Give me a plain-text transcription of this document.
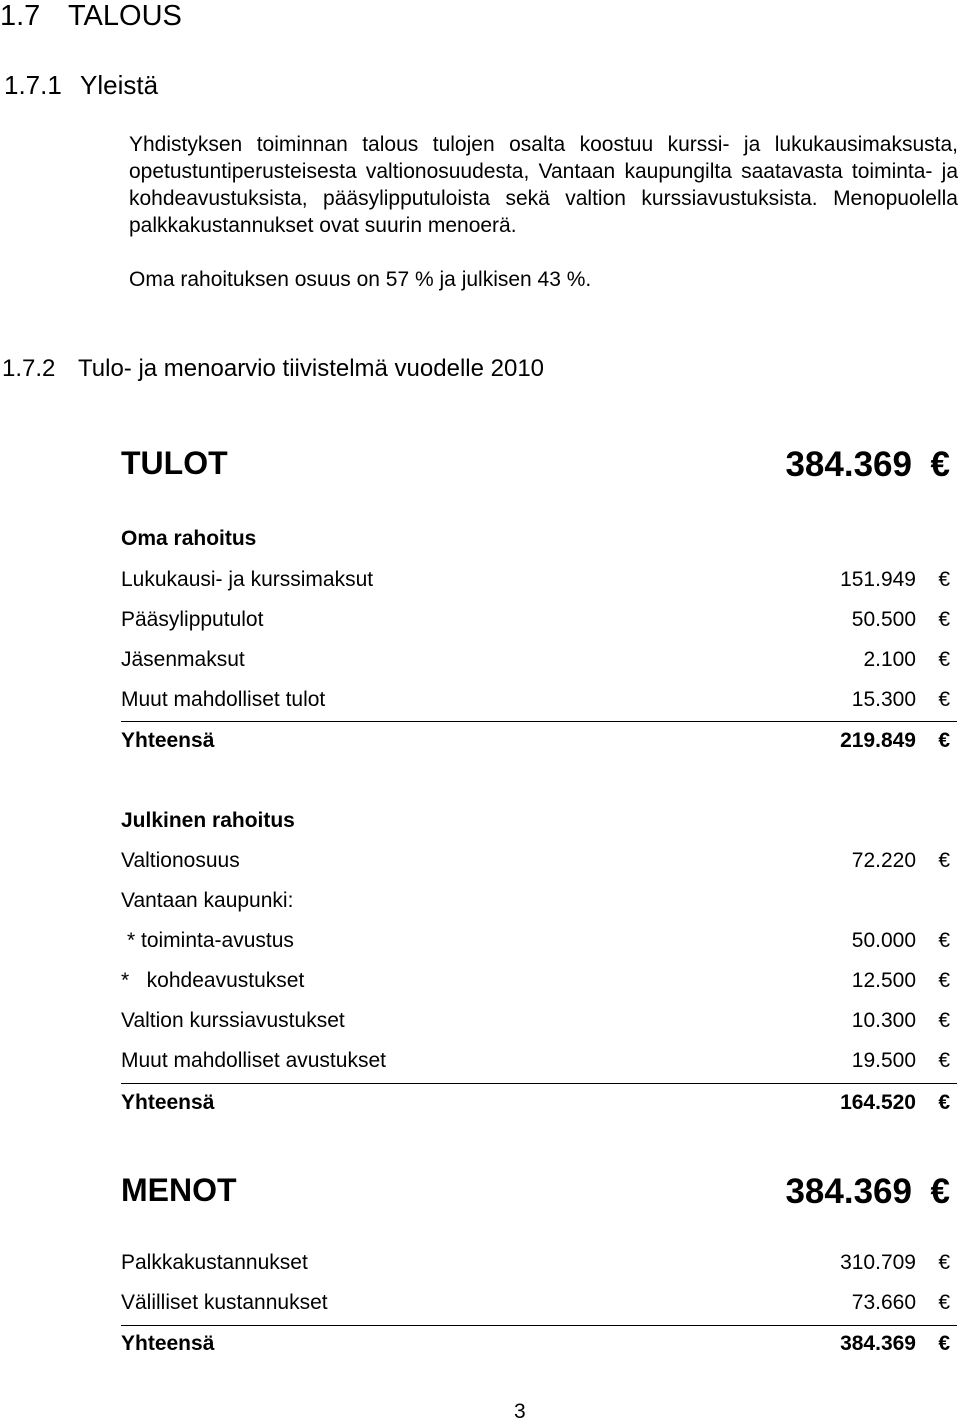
1.7 TALOUS
1.7.1 Yleistä

Yhdistyksen toiminnan talous tulojen osalta koostuu kurssi- ja lukukausimaksusta, opetustuntiperusteisesta valtionosuudesta, Vantaan kaupungilta saatavasta toiminta- ja kohdeavustuksista, pääsylipputuloista sekä valtion kurssiavustuksista. Menopuolella palkkakustannukset ovat suurin menoerä.

Oma rahoituksen osuus on 57 % ja julkisen 43 %.

1.7.2 Tulo- ja menoarvio tiivistelmä vuodelle 2010
TULOT	384.369 €
Oma rahoitus
Lukukausi- ja kurssimaksut	151.949 €
Pääsylipputulot	50.500 €
Jäsenmaksut	2.100 €
Muut mahdolliset tulot	15.300 €
Yhteensä	219.849 €
Julkinen rahoitus
Valtionosuus	72.220 €
Vantaan kaupunki:
* toiminta-avustus	50.000 €
*   kohdeavustukset	12.500 €
Valtion kurssiavustukset	10.300 €
Muut mahdolliset avustukset	19.500 €
Yhteensä	164.520 €
MENOT	384.369 €
Palkkakustannukset	310.709 €
Välilliset kustannukset	73.660 €
Yhteensä	384.369 €
3
